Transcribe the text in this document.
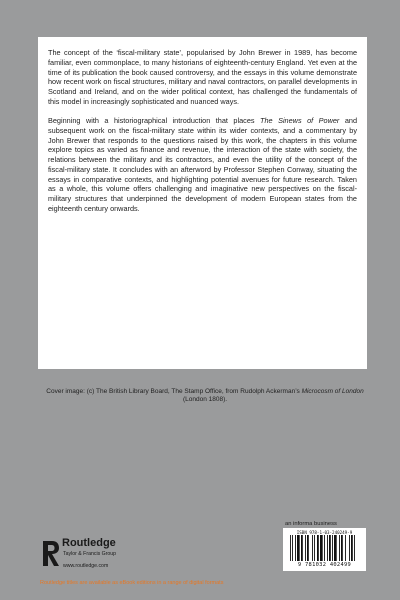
The concept of the ‘fiscal-military state’, popularised by John Brewer in 1989, has become familiar, even commonplace, to many historians of eighteenth-century England. Yet even at the time of its publication the book caused controversy, and the essays in this volume demonstrate how recent work on fiscal structures, military and naval contractors, on parallel developments in Scotland and Ireland, and on the wider political context, has challenged the fundamentals of this model in increasingly sophisticated and nuanced ways.

Beginning with a historiographical introduction that places The Sinews of Power and subsequent work on the fiscal-military state within its wider contexts, and a commentary by John Brewer that responds to the questions raised by this work, the chapters in this volume explore topics as varied as finance and revenue, the interaction of the state with society, the relations between the military and its contractors, and even the utility of the concept of the fiscal-military state. It concludes with an afterword by Professor Stephen Conway, situating the essays in comparative contexts, and highlighting potential avenues for future research. Taken as a whole, this volume offers challenging and imaginative new perspectives on the fiscal-military structures that underpinned the development of modern European states from the eighteenth century onwards.

Cover image: (c) The British Library Board, The Stamp Office, from Rudolph Ackerman’s Microcosm of London (London 1808).
Routledge
Taylor & Francis Group
www.routledge.com
an informa business
ISBN 978-1-03-240249-9
9 781032 402499
Routledge titles are available as eBook editions in a range of digital formats
